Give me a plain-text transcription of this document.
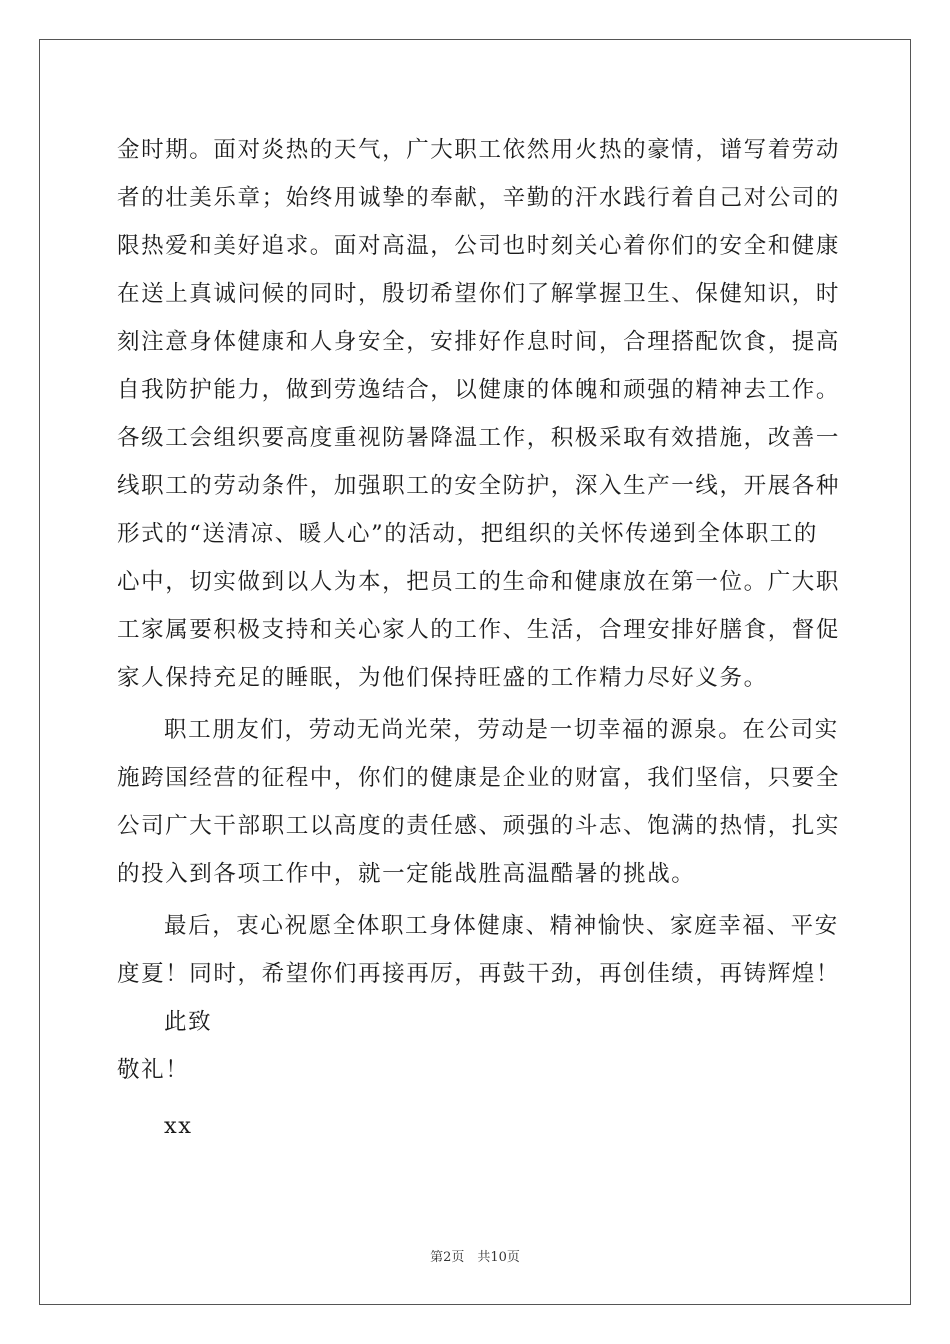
金时期。面对炎热的天气，广大职工依然用火热的豪情，谱写着劳动
者的壮美乐章；始终用诚挚的奉献，辛勤的汗水践行着自己对公司的
限热爱和美好追求。面对高温，公司也时刻关心着你们的安全和健康
在送上真诚问候的同时，殷切希望你们了解掌握卫生、保健知识，时
刻注意身体健康和人身安全，安排好作息时间，合理搭配饮食，提高
自我防护能力，做到劳逸结合，以健康的体魄和顽强的精神去工作。
各级工会组织要高度重视防暑降温工作，积极采取有效措施，改善一
线职工的劳动条件，加强职工的安全防护，深入生产一线，开展各种
形式的“送清凉、暖人心”的活动，把组织的关怀传递到全体职工的
心中，切实做到以人为本，把员工的生命和健康放在第一位。广大职
工家属要积极支持和关心家人的工作、生活，合理安排好膳食，督促
家人保持充足的睡眠，为他们保持旺盛的工作精力尽好义务。
职工朋友们，劳动无尚光荣，劳动是一切幸福的源泉。在公司实
施跨国经营的征程中，你们的健康是企业的财富，我们坚信，只要全
公司广大干部职工以高度的责任感、顽强的斗志、饱满的热情，扎实
的投入到各项工作中，就一定能战胜高温酷暑的挑战。
最后，衷心祝愿全体职工身体健康、精神愉快、家庭幸福、平安
度夏！同时，希望你们再接再厉，再鼓干劲，再创佳绩，再铸辉煌！
此致
敬礼！
xx
第2页　共10页
